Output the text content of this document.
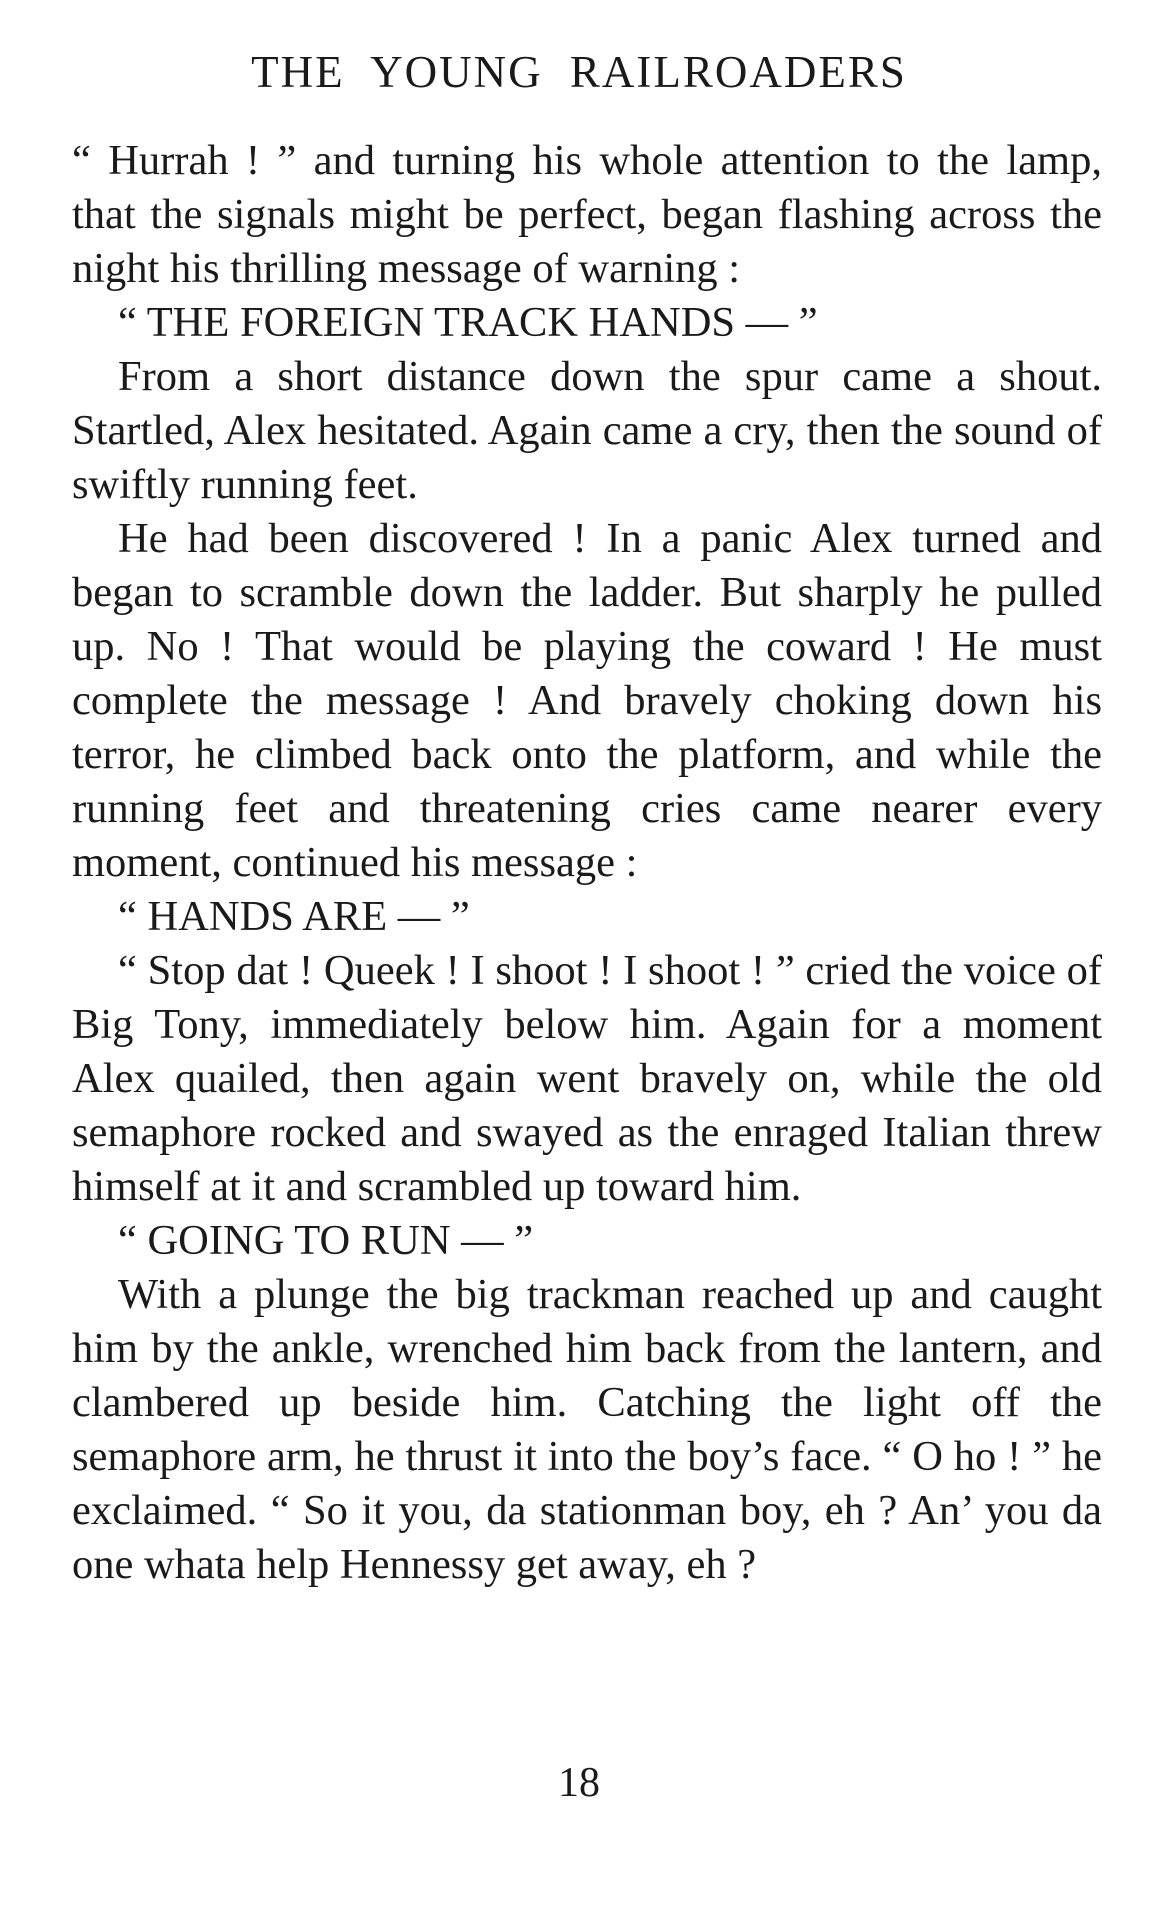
THE YOUNG RAILROADERS

“ Hurrah ! ” and turning his whole attention to the lamp, that the signals might be perfect, began flashing across the night his thrilling message of warning :

“ THE FOREIGN TRACK HANDS — ”

From a short distance down the spur came a shout. Startled, Alex hesitated. Again came a cry, then the sound of swiftly running feet.

He had been discovered ! In a panic Alex turned and began to scramble down the ladder. But sharply he pulled up. No ! That would be playing the coward ! He must complete the message ! And bravely choking down his terror, he climbed back onto the platform, and while the running feet and threatening cries came nearer every moment, continued his message :

“ HANDS ARE — ”

“ Stop dat ! Queek ! I shoot ! I shoot ! ” cried the voice of Big Tony, immediately below him. Again for a moment Alex quailed, then again went bravely on, while the old semaphore rocked and swayed as the enraged Italian threw himself at it and scrambled up toward him.

“ GOING TO RUN — ”

With a plunge the big trackman reached up and caught him by the ankle, wrenched him back from the lantern, and clambered up beside him. Catching the light off the semaphore arm, he thrust it into the boy’s face. “ O ho ! ” he exclaimed. “ So it you, da stationman boy, eh ? An’ you da one whata help Hennessy get away, eh ?

18
